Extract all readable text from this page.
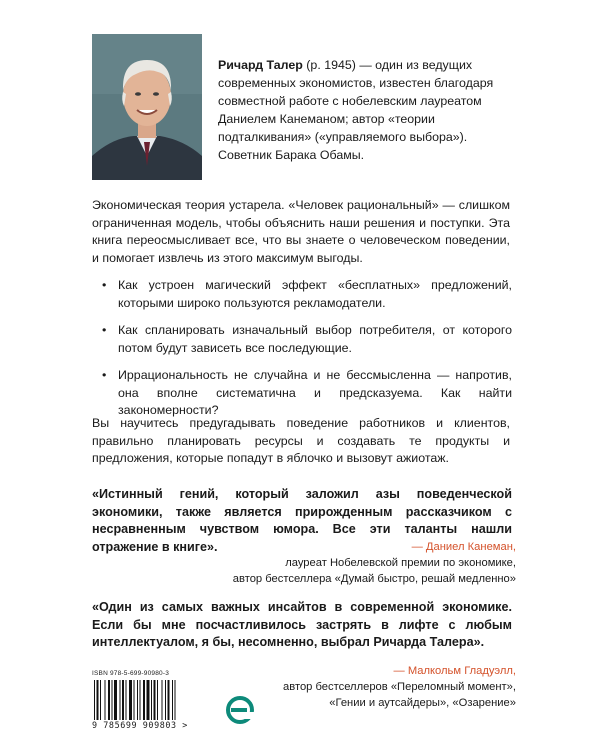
Ричард Талер (р. 1945) — один из ведущих современных экономистов, известен благодаря совместной работе с нобелевским лауреатом Даниелем Канеманом; автор «теории подталкивания» («управляемого выбора»). Советник Барака Обамы.
Экономическая теория устарела. «Человек рациональный» — слишком ограниченная модель, чтобы объяснить наши решения и поступки. Эта книга переосмысливает все, что вы знаете о человеческом поведении, и помогает извлечь из этого максимум выгоды.
• Как устроен магический эффект «бесплатных» предложений, которыми широко пользуются рекламодатели.
• Как спланировать изначальный выбор потребителя, от которого потом будут зависеть все последующие.
• Иррациональность не случайна и не бессмысленна — напротив, она вполне систематична и предсказуема. Как найти закономерности?
Вы научитесь предугадывать поведение работников и клиентов, правильно планировать ресурсы и создавать те продукты и предложения, которые попадут в яблочко и вызовут ажиотаж.
«Истинный гений, который заложил азы поведенческой экономики, также является прирожденным рассказчиком с несравненным чувством юмора. Все эти таланты нашли отражение в книге».	— Даниел Канеман,
лауреат Нобелевской премии по экономике,
автор бестселлера «Думай быстро, решай медленно»
«Один из самых важных инсайтов в современной экономике. Если бы мне посчастливилось застрять в лифте с любым интеллектуалом, я бы, несомненно, выбрал Ричарда Талера».
— Малкольм Гладуэлл,
автор бестселлеров «Переломный момент»,
«Гении и аутсайдеры», «Озарение»
ISBN 978-5-699-90980-3
9 785699 909803 >
